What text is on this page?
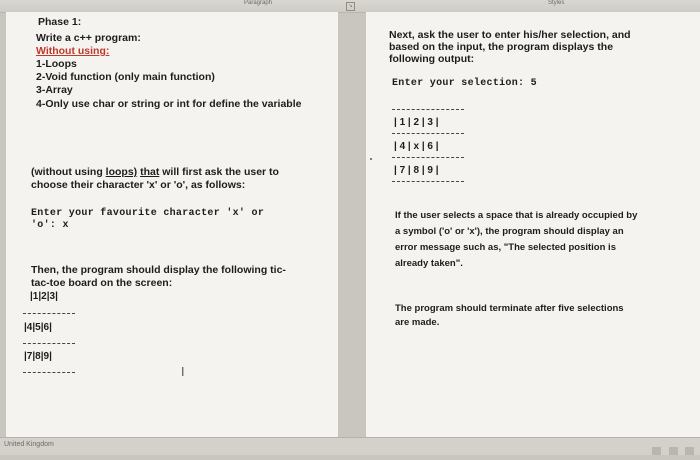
Paragraph	↘	Styles
Phase 1:
Write a c++ program:
Without using:
1-Loops
2-Void function (only main function)
3-Array
4-Only use char or string or int for define the variable
(without using loops) that will first ask the user to
choose their character 'x' or 'o', as follows:
Enter your favourite character 'x' or
'o': x
Then, the program should display the following tic-
tac-toe board on the screen:
|1|2|3|
|4|5|6|
|7|8|9|
I
Next, ask the user to enter his/her selection, and
based on the input, the program displays the
following output:
Enter your selection: 5
| 1 | 2 | 3 |
| 4 | x | 6 |
| 7 | 8 | 9 |
If the user selects a space that is already occupied by
a symbol ('o' or 'x'), the program should display an
error message such as, "The selected position is
already taken".
The program should terminate after five selections
are made.
United Kingdom
